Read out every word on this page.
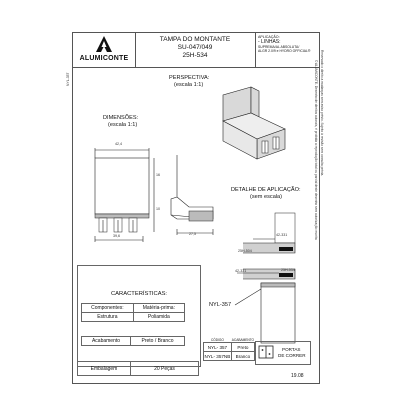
ALUMICONTE
TAMPA DO MONTANTE
SU-047/049
25H-534
APLICAÇÃO:
- LINHAS:
SUPREMA/AL ABSOLUTA/
ALGR 2.0/9 e HYDRO OFFICIAL®
PERSPECTIVA:
(escala 1:1)
DIMENSÕES:
(escala 1:1)
42,4
39,6
16
10
27,5
DETALHE DE APLICAÇÃO:
(sem escala)
42-331
25H-504
42-331	25H-534
NYL-357
CARACTERÍSTICAS:
Componentes:	Matéria-prima:
Estrutura	Poliamida
Acabamento	Preto / Branco
Embalagem	20 Peças
CÓDIGO	ACABAMENTO
NYL- 357	Preto
NYL- 357NB	Branco
PORTAS
DE CORRER
19.08
Reservado o direito a mudanças sem aviso prévio. Sujeito à revisão sem consulta prévia.
© ALUMICONTE. Desenho de direitos autorais, é proibida a reprodução total ou parcial deste desenho sem autorização escrita
NYL-357
